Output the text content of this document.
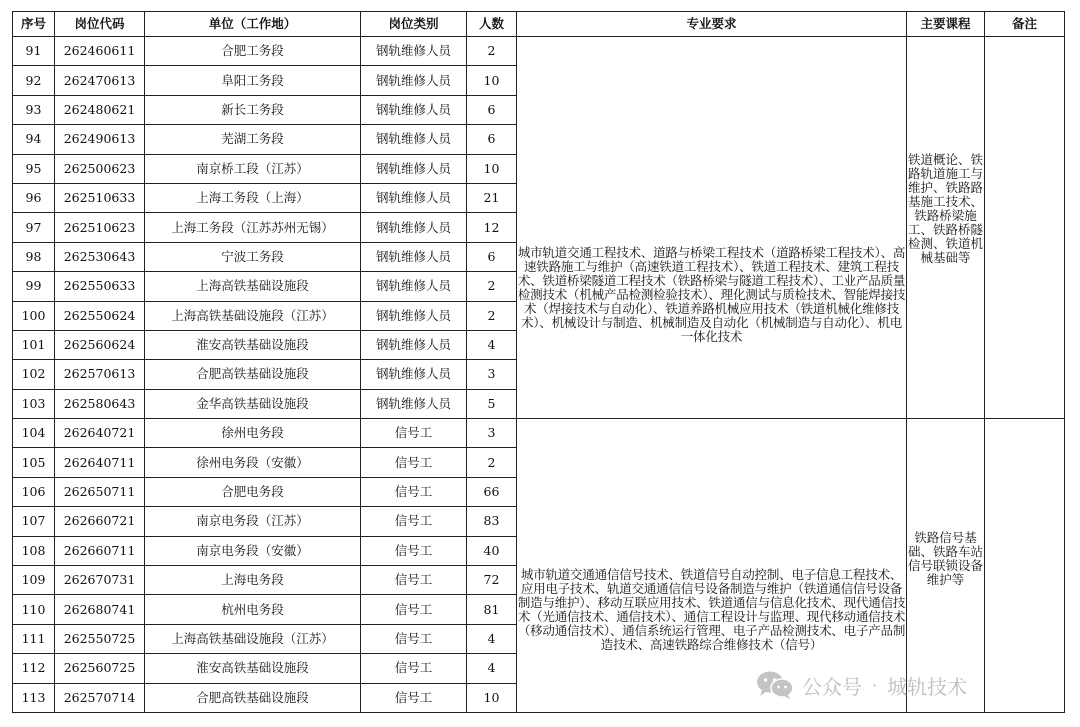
序号	岗位代码	单位（工作地）	岗位类别	人数	专业要求	主要课程	备注
91	262460611	合肥工务段	钢轨维修人员	2	城市轨道交通工程技术、道路与桥梁工程技术（道路桥梁工程技术）、高速铁路施工与维护（高速铁道工程技术）、铁道工程技术、建筑工程技术、铁道桥梁隧道工程技术（铁路桥梁与隧道工程技术）、工业产品质量检测技术（机械产品检测检验技术）、理化测试与质检技术、智能焊接技术（焊接技术与自动化）、铁道养路机械应用技术（铁道机械化维修技术）、机械设计与制造、机械制造及自动化（机械制造与自动化）、机电一体化技术	铁道概论、铁路轨道施工与维护、铁路路基施工技术、铁路桥梁施工、铁路桥隧检测、铁道机械基础等	
92	262470613	阜阳工务段	钢轨维修人员	10			
93	262480621	新长工务段	钢轨维修人员	6			
94	262490613	芜湖工务段	钢轨维修人员	6			
95	262500623	南京桥工段（江苏）	钢轨维修人员	10			
96	262510633	上海工务段（上海）	钢轨维修人员	21			
97	262510623	上海工务段（江苏苏州无锡）	钢轨维修人员	12			
98	262530643	宁波工务段	钢轨维修人员	6			
99	262550633	上海高铁基础设施段	钢轨维修人员	2			
100	262550624	上海高铁基础设施段（江苏）	钢轨维修人员	2			
101	262560624	淮安高铁基础设施段	钢轨维修人员	4			
102	262570613	合肥高铁基础设施段	钢轨维修人员	3			
103	262580643	金华高铁基础设施段	钢轨维修人员	5			
104	262640721	徐州电务段	信号工	3	城市轨道交通通信信号技术、铁道信号自动控制、电子信息工程技术、应用电子技术、轨道交通通信信号设备制造与维护（铁道通信信号设备制造与维护）、移动互联应用技术、铁道通信与信息化技术、现代通信技术（光通信技术、通信技术）、通信工程设计与监理、现代移动通信技术（移动通信技术）、通信系统运行管理、电子产品检测技术、电子产品制造技术、高速铁路综合维修技术（信号）	铁路信号基础、铁路车站信号联锁设备维护等	
105	262640711	徐州电务段（安徽）	信号工	2			
106	262650711	合肥电务段	信号工	66			
107	262660721	南京电务段（江苏）	信号工	83			
108	262660711	南京电务段（安徽）	信号工	40			
109	262670731	上海电务段	信号工	72			
110	262680741	杭州电务段	信号工	81			
111	262550725	上海高铁基础设施段（江苏）	信号工	4			
112	262560725	淮安高铁基础设施段	信号工	4			
113	262570714	合肥高铁基础设施段	信号工	10				公众号 · 城轨技术
